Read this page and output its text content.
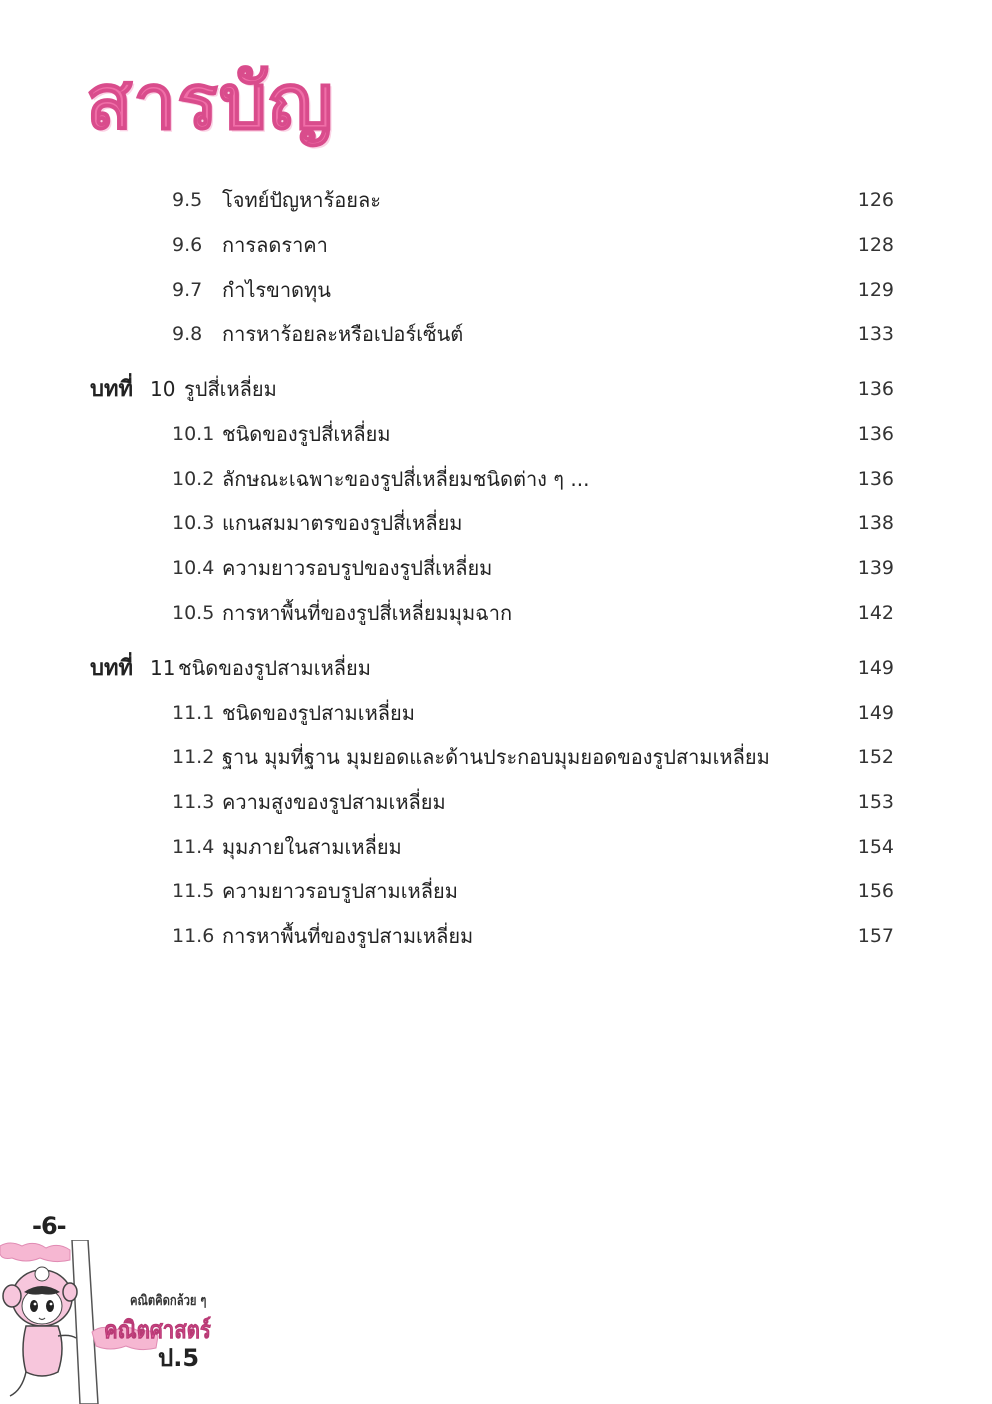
สารบัญ
9.5 โจทย์ปัญหาร้อยละ	126
9.6 การลดราคา	128
9.7 กำไรขาดทุน	129
9.8 การหาร้อยละหรือเปอร์เซ็นต์	133
บทที่ 10 รูปสี่เหลี่ยม	136
10.1 ชนิดของรูปสี่เหลี่ยม	136
10.2 ลักษณะเฉพาะของรูปสี่เหลี่ยมชนิดต่าง ๆ ...	136
10.3 แกนสมมาตรของรูปสี่เหลี่ยม	138
10.4 ความยาวรอบรูปของรูปสี่เหลี่ยม	139
10.5 การหาพื้นที่ของรูปสี่เหลี่ยมมุมฉาก	142
บทที่ 11 ชนิดของรูปสามเหลี่ยม	149
11.1 ชนิดของรูปสามเหลี่ยม	149
11.2 ฐาน มุมที่ฐาน มุมยอดและด้านประกอบมุมยอดของรูปสามเหลี่ยม	152
11.3 ความสูงของรูปสามเหลี่ยม	153
11.4 มุมภายในสามเหลี่ยม	154
11.5 ความยาวรอบรูปสามเหลี่ยม	156
11.6 การหาพื้นที่ของรูปสามเหลี่ยม	157
-6-
คณิตคิดกล้วย ๆ
คณิตศาสตร์
ป.5
